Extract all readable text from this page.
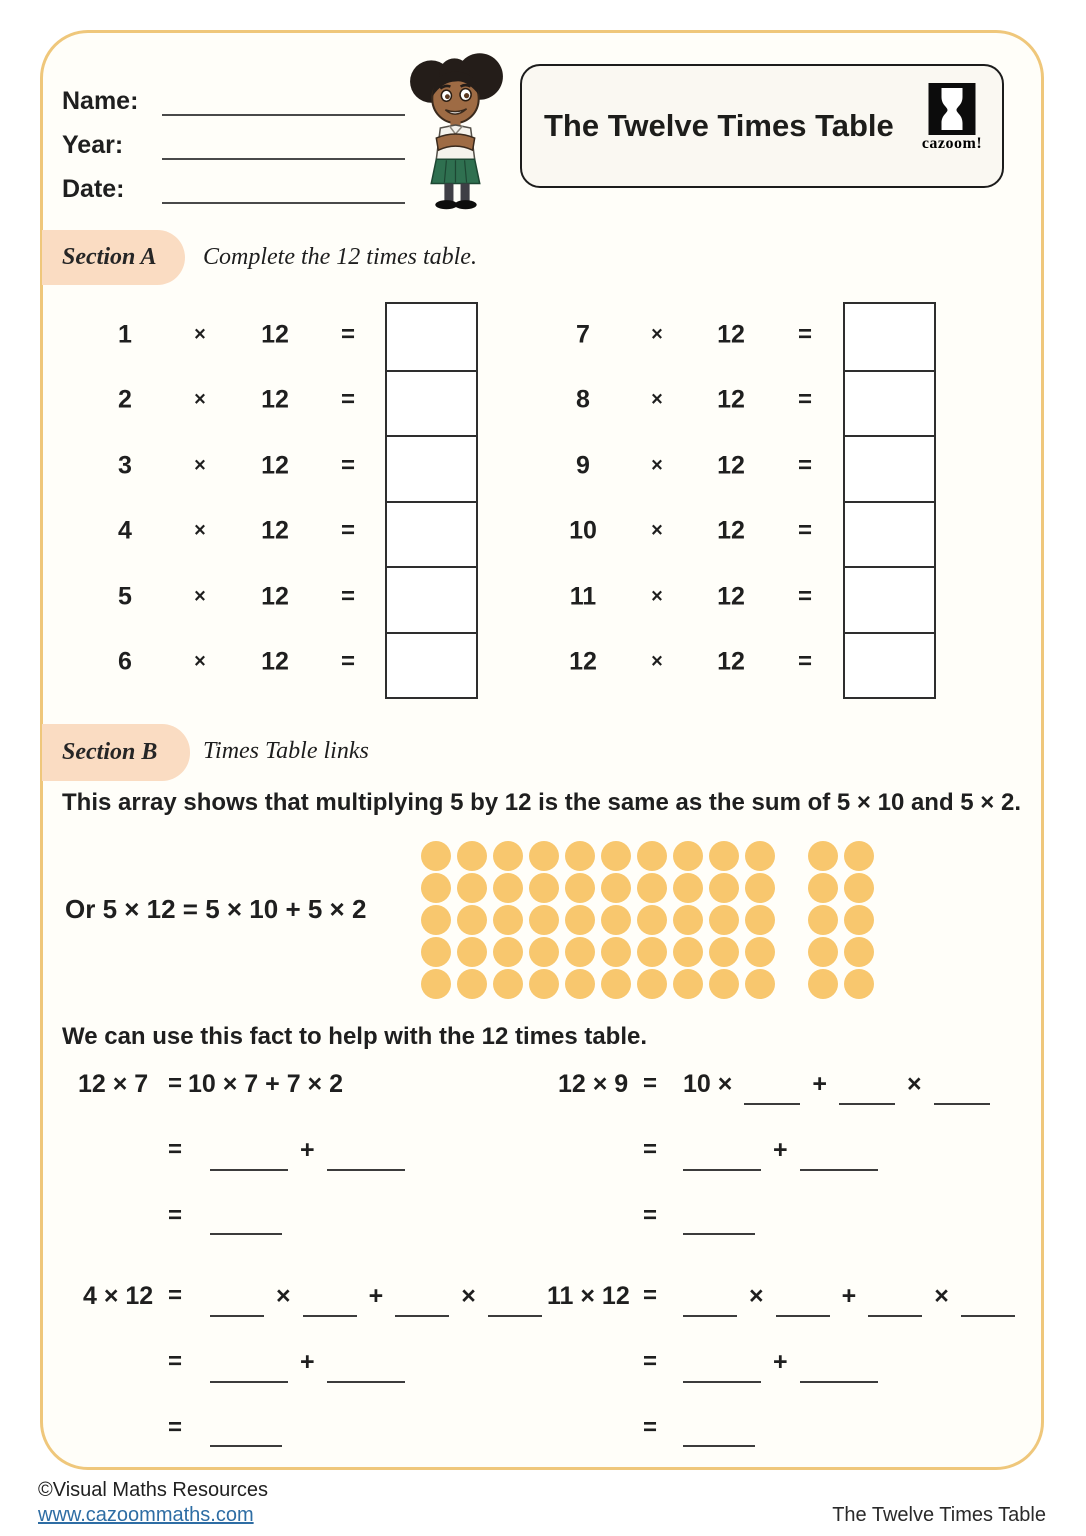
Name:
Year:
Date:
The Twelve Times Table
cazoom!
Section A Complete the 12 times table.
1	× 12 =
2	× 12 =
3	× 12 =
4	× 12 =
5	× 12 =
6	× 12 =
7	× 12 =
8	× 12 =
9	× 12 =
10	× 12 =
11	× 12 =
12	× 12 =
Section B Times Table links
This array shows that multiplying 5 by 12 is the same as the sum of 5 × 10 and 5 × 2.
Or 5 × 12 = 5 × 10 + 5 × 2
We can use this fact to help with the 12 times table.
12 × 7 = 10 × 7 + 7 × 2
=	+
=
12 × 9 = 10 ×	+	×
=	+
=
4 × 12 =	×	+	×
=	+
=
11 × 12 =	×	+	×
=	+
=
©Visual Maths Resources
www.cazoommaths.com	The Twelve Times Table
